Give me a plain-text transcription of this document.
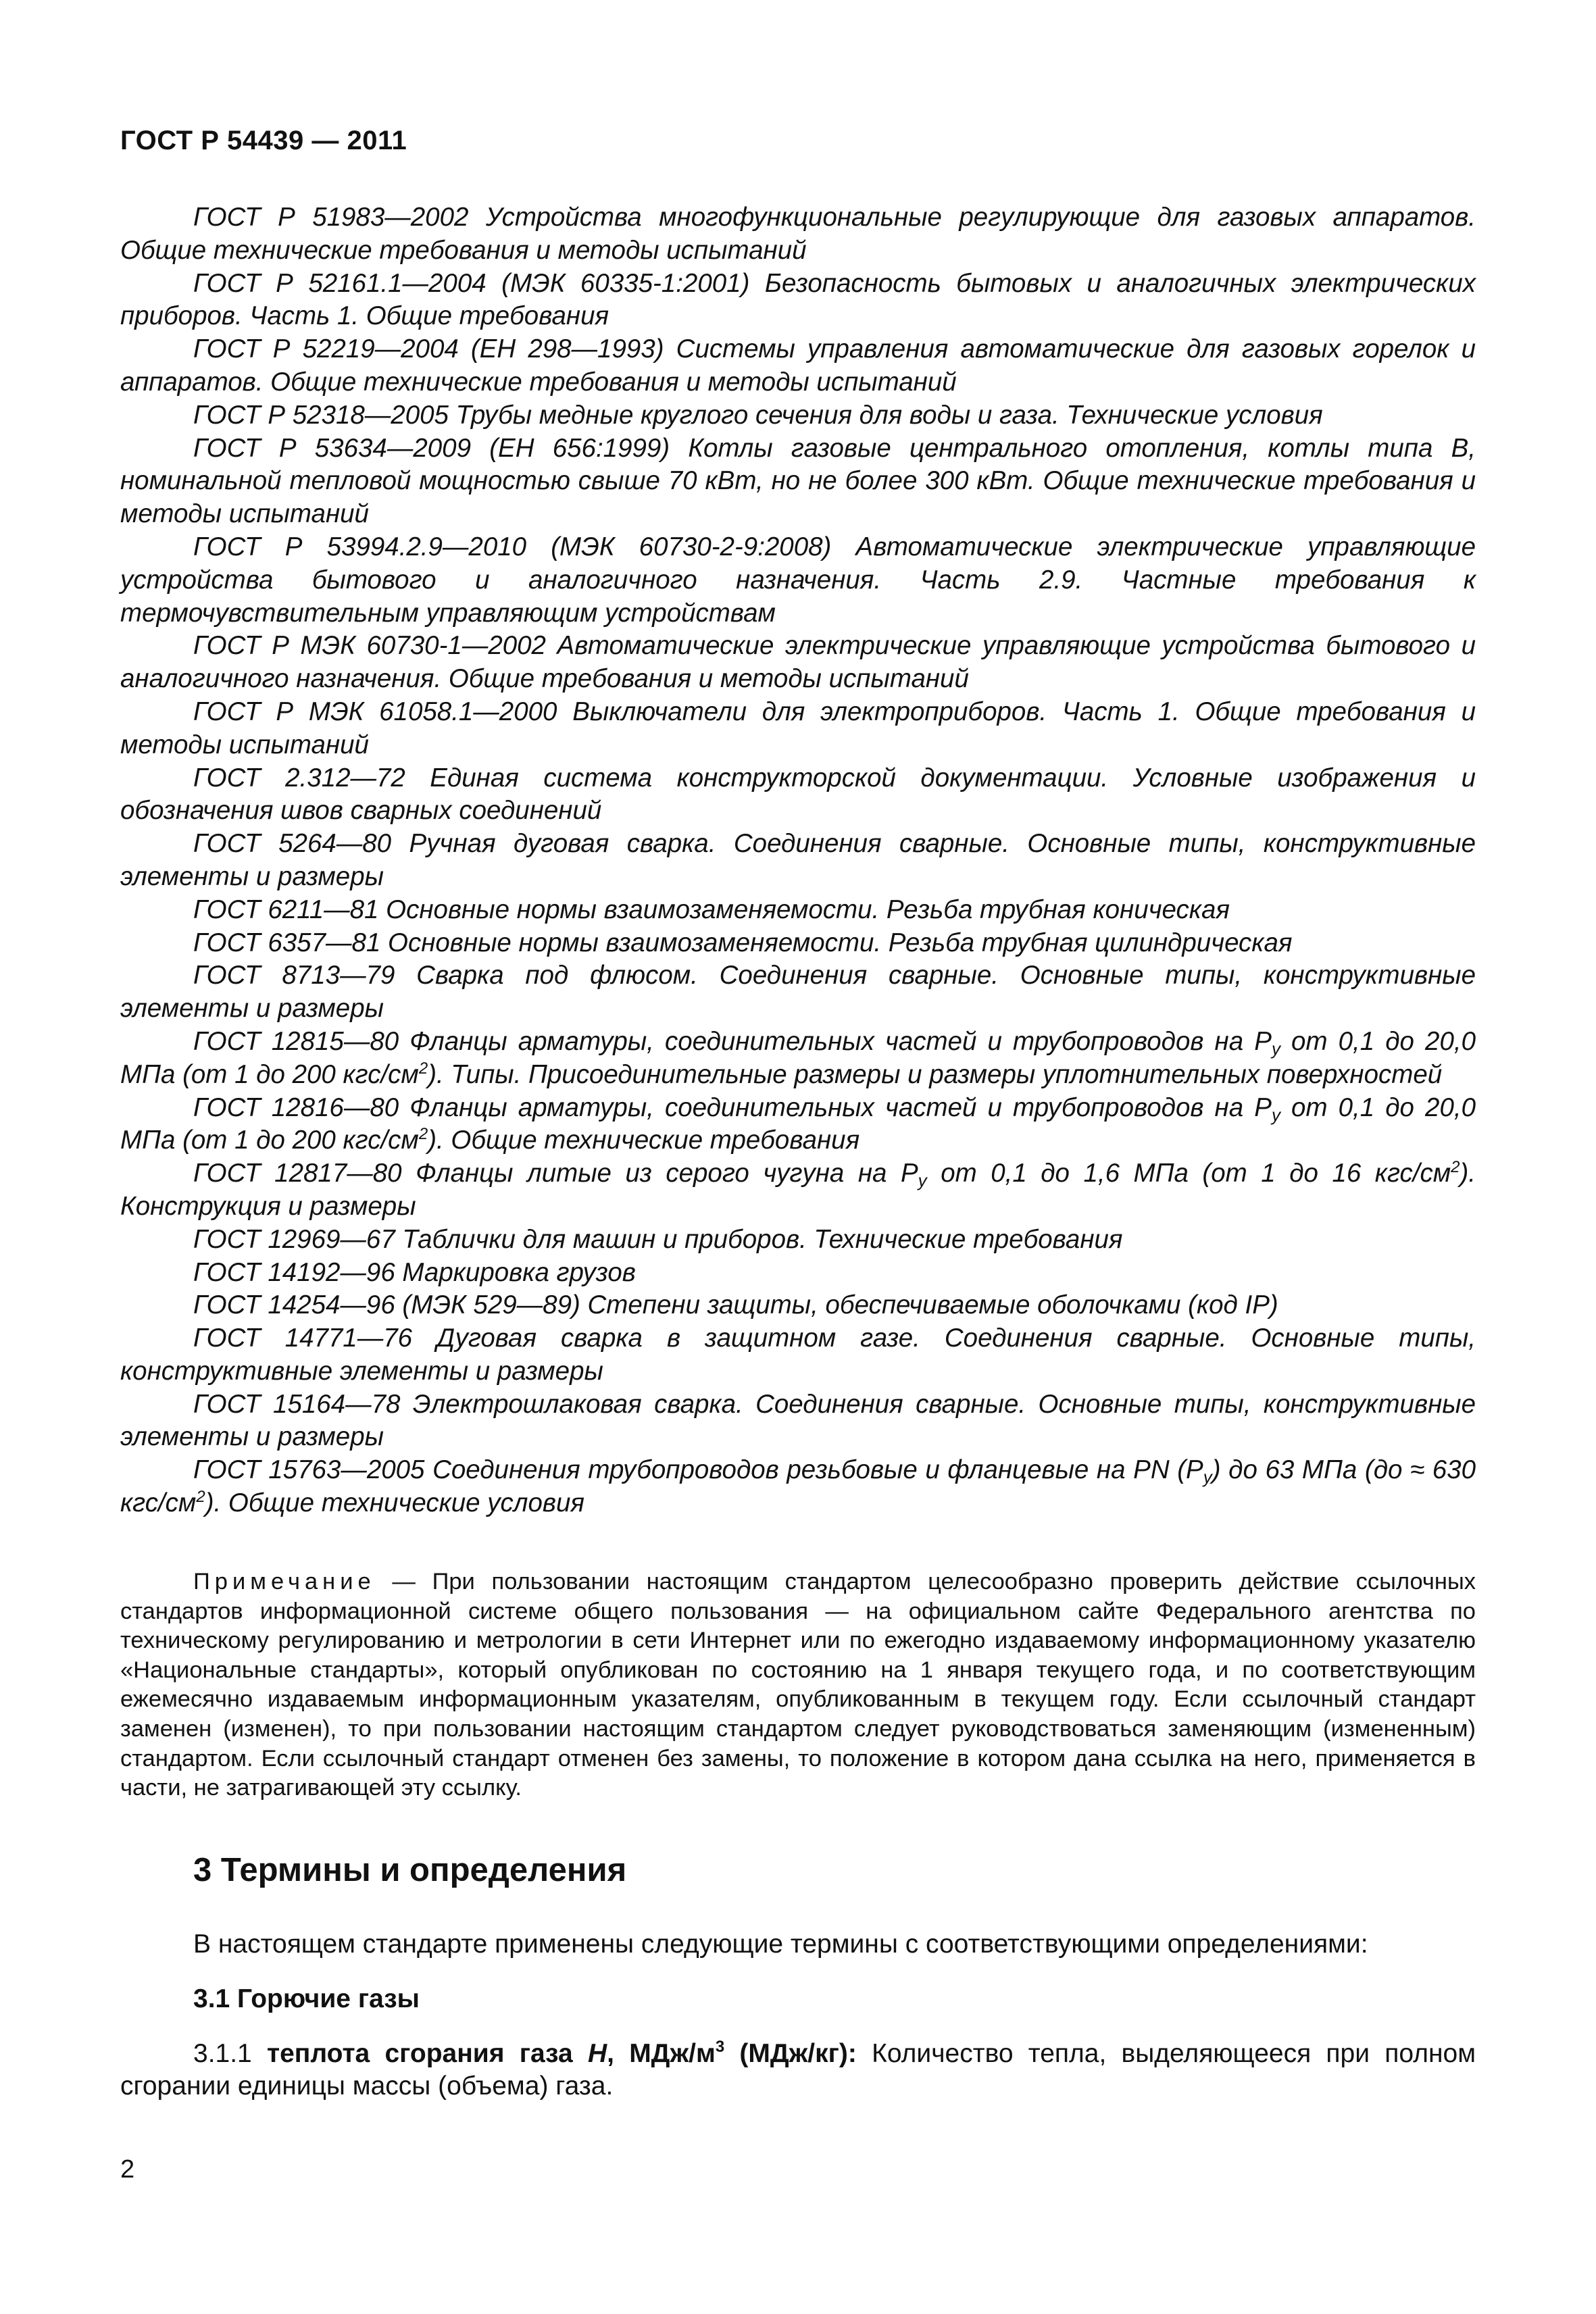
ГОСТ Р 54439 — 2011

ГОСТ Р 51983—2002 Устройства многофункциональные регулирующие для газовых аппаратов. Общие технические требования и методы испытаний

ГОСТ Р 52161.1—2004 (МЭК 60335-1:2001) Безопасность бытовых и аналогичных электрических приборов. Часть 1. Общие требования

ГОСТ Р 52219—2004 (ЕН 298—1993) Системы управления автоматические для газовых горелок и аппаратов. Общие технические требования и методы испытаний

ГОСТ Р 52318—2005 Трубы медные круглого сечения для воды и газа. Технические условия

ГОСТ Р 53634—2009 (ЕН 656:1999) Котлы газовые центрального отопления, котлы типа В, номинальной тепловой мощностью свыше 70 кВт, но не более 300 кВт. Общие технические требования и методы испытаний

ГОСТ Р 53994.2.9—2010 (МЭК 60730-2-9:2008) Автоматические электрические управляющие устройства бытового и аналогичного назначения. Часть 2.9. Частные требования к термочувствительным управляющим устройствам

ГОСТ Р МЭК 60730-1—2002 Автоматические электрические управляющие устройства бытового и аналогичного назначения. Общие требования и методы испытаний

ГОСТ Р МЭК 61058.1—2000 Выключатели для электроприборов. Часть 1. Общие требования и методы испытаний

ГОСТ 2.312—72 Единая система конструкторской документации. Условные изображения и обозначения швов сварных соединений

ГОСТ 5264—80 Ручная дуговая сварка. Соединения сварные. Основные типы, конструктивные элементы и размеры

ГОСТ 6211—81 Основные нормы взаимозаменяемости. Резьба трубная коническая

ГОСТ 6357—81 Основные нормы взаимозаменяемости. Резьба трубная цилиндрическая

ГОСТ 8713—79 Сварка под флюсом. Соединения сварные. Основные типы, конструктивные элементы и размеры

ГОСТ 12815—80 Фланцы арматуры, соединительных частей и трубопроводов на $P_у$ от 0,1 до 20,0 МПа (от 1 до 200 кгс/$см^2$). Типы. Присоединительные размеры и размеры уплотнительных поверхностей

ГОСТ 12816—80 Фланцы арматуры, соединительных частей и трубопроводов на $P_у$ от 0,1 до 20,0 МПа (от 1 до 200 кгс/$см^2$). Общие технические требования

ГОСТ 12817—80 Фланцы литые из серого чугуна на $P_у$ от 0,1 до 1,6 МПа (от 1 до 16 кгс/$см^2$). Конструкция и размеры

ГОСТ 12969—67 Таблички для машин и приборов. Технические требования

ГОСТ 14192—96 Маркировка грузов

ГОСТ 14254—96 (МЭК 529—89) Степени защиты, обеспечиваемые оболочками (код IP)

ГОСТ 14771—76 Дуговая сварка в защитном газе. Соединения сварные. Основные типы, конструктивные элементы и размеры

ГОСТ 15164—78 Электрошлаковая сварка. Соединения сварные. Основные типы, конструктивные элементы и размеры

ГОСТ 15763—2005 Соединения трубопроводов резьбовые и фланцевые на PN $(P_у)$ до 63 МПа (до ≈ 630 кгс/$см^2$). Общие технические условия

Примечание — При пользовании настоящим стандартом целесообразно проверить действие ссылочных стандартов информационной системе общего пользования — на официальном сайте Федерального агентства по техническому регулированию и метрологии в сети Интернет или по ежегодно издаваемому информационному указателю «Национальные стандарты», который опубликован по состоянию на 1 января текущего года, и по соответствующим ежемесячно издаваемым информационным указателям, опубликованным в текущем году. Если ссылочный стандарт заменен (изменен), то при пользовании настоящим стандартом следует руководствоваться заменяющим (измененным) стандартом. Если ссылочный стандарт отменен без замены, то положение в котором дана ссылка на него, применяется в части, не затрагивающей эту ссылку.
3 Термины и определения
В настоящем стандарте применены следующие термины с соответствующими определениями:
3.1 Горючие газы
3.1.1 теплота сгорания газа H, МДж/$м^3$ (МДж/кг): Количество тепла, выделяющееся при полном сгорании единицы массы (объема) газа.
2
